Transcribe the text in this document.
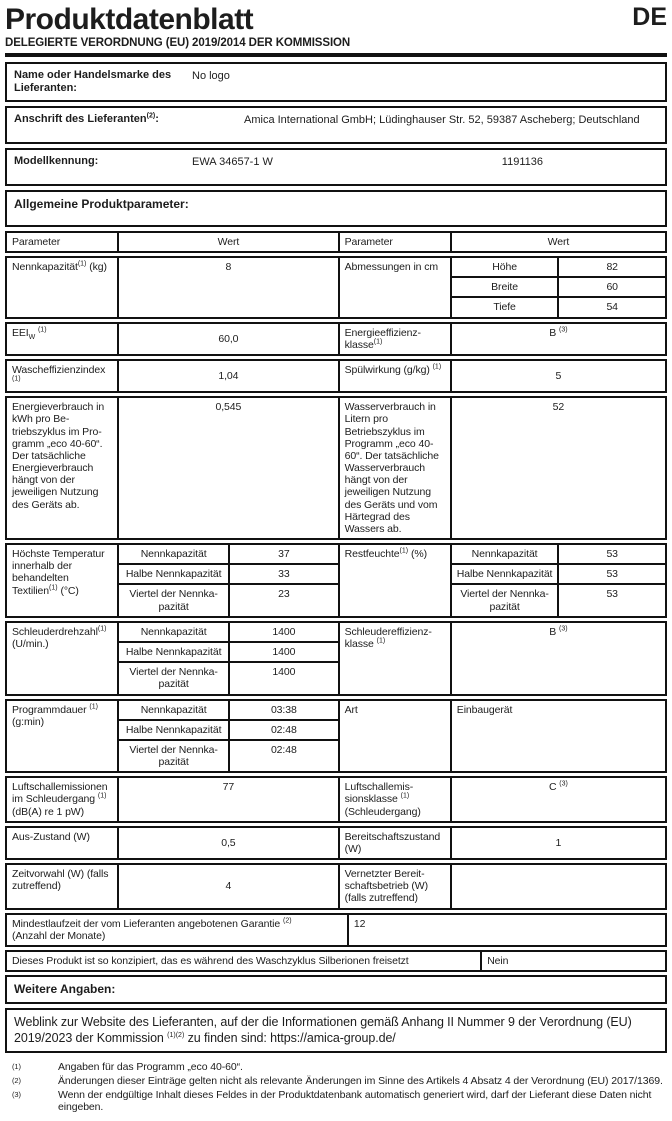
Produktdatenblatt	DE
DELEGIERTE VERORDNUNG (EU) 2019/2014 DER KOMMISSION
Name oder Handelsmarke des Lieferanten:
No logo
Anschrift des Lieferanten$^{(2)}$:	Amica International GmbH; Lüdinghauser Str. 52, 59387 Ascheberg; Deutschland
Modellkennung:	EWA 34657-1 W	1191136
Allgemeine Produktparameter:
Parameter	Wert	Parameter	Wert
Nennkapazität$^{(1)}$ (kg)	8	Abmessungen in cm	Höhe	82
			Breite	60
			Tiefe	54
$EEI_W$ $^{(1)}$	60,0	Energieeffizienzklasse$^{(1)}$	B $^{(3)}$
Wascheffizienzindex $^{(1)}$	1,04	Spülwirkung (g/kg) $^{(1)}$	5
Energieverbrauch in kWh pro Betriebszyklus im Programm „eco 40-60“. Der tatsächliche Energieverbrauch hängt von der jeweiligen Nutzung des Geräts ab.	0,545	Wasserverbrauch in Litern pro Betriebszyklus im Programm „eco 40-60“. Der tatsächliche Wasserverbrauch hängt von der jeweiligen Nutzung des Geräts und vom Härtegrad des Wassers ab.	52
Höchste Temperatur innerhalb der behandelten Textilien$^{(1)}$ (°C)	Nennkapazität	37	Restfeuchte$^{(1)}$ (%)	Nennkapazität	53
	Halbe Nennkapazität	33		Halbe Nennkapazität	53
	Viertel der Nennkapazität	23		Viertel der Nennkapazität	53
Schleuderdrehzahl$^{(1)}$ (U/min.)	Nennkapazität	1400	Schleudereffizienzklasse $^{(1)}$	B $^{(3)}$
	Halbe Nennkapazität	1400		
	Viertel der Nennkapazität	1400		
Programmdauer $^{(1)}$ (g:min)	Nennkapazität	03:38	Art	Einbaugerät
	Halbe Nennkapazität	02:48		
	Viertel der Nennkapazität	02:48		
Luftschallemissionen im Schleudergang $^{(1)}$ (dB(A) re 1 pW)	77	Luftschallemissionsklasse $^{(1)}$ (Schleudergang)	C $^{(3)}$
Aus-Zustand (W)	0,5	Bereitschaftszustand (W)	1
Zeitvorwahl (W) (falls zutreffend)	4	Vernetzter Bereitschaftsbetrieb (W) (falls zutreffend)	
Mindestlaufzeit der vom Lieferanten angebotenen Garantie $^{(2)}$
(Anzahl der Monate)	12
Dieses Produkt ist so konzipiert, das es während des Waschzyklus Silberionen freisetzt	Nein
Weitere Angaben:
Weblink zur Website des Lieferanten, auf der die Informationen gemäß Anhang II Nummer 9 der Verordnung (EU) 2019/2023 der Kommission $^{(1)(2)}$ zu finden sind: https://amica-group.de/
(1)	Angaben für das Programm „eco 40-60“.
(2)	Änderungen dieser Einträge gelten nicht als relevante Änderungen im Sinne des Artikels 4 Absatz 4 der Verordnung (EU) 2017/1369.
(3)	Wenn der endgültige Inhalt dieses Feldes in der Produktdatenbank automatisch generiert wird, darf der Lieferant diese Daten nicht eingeben.
